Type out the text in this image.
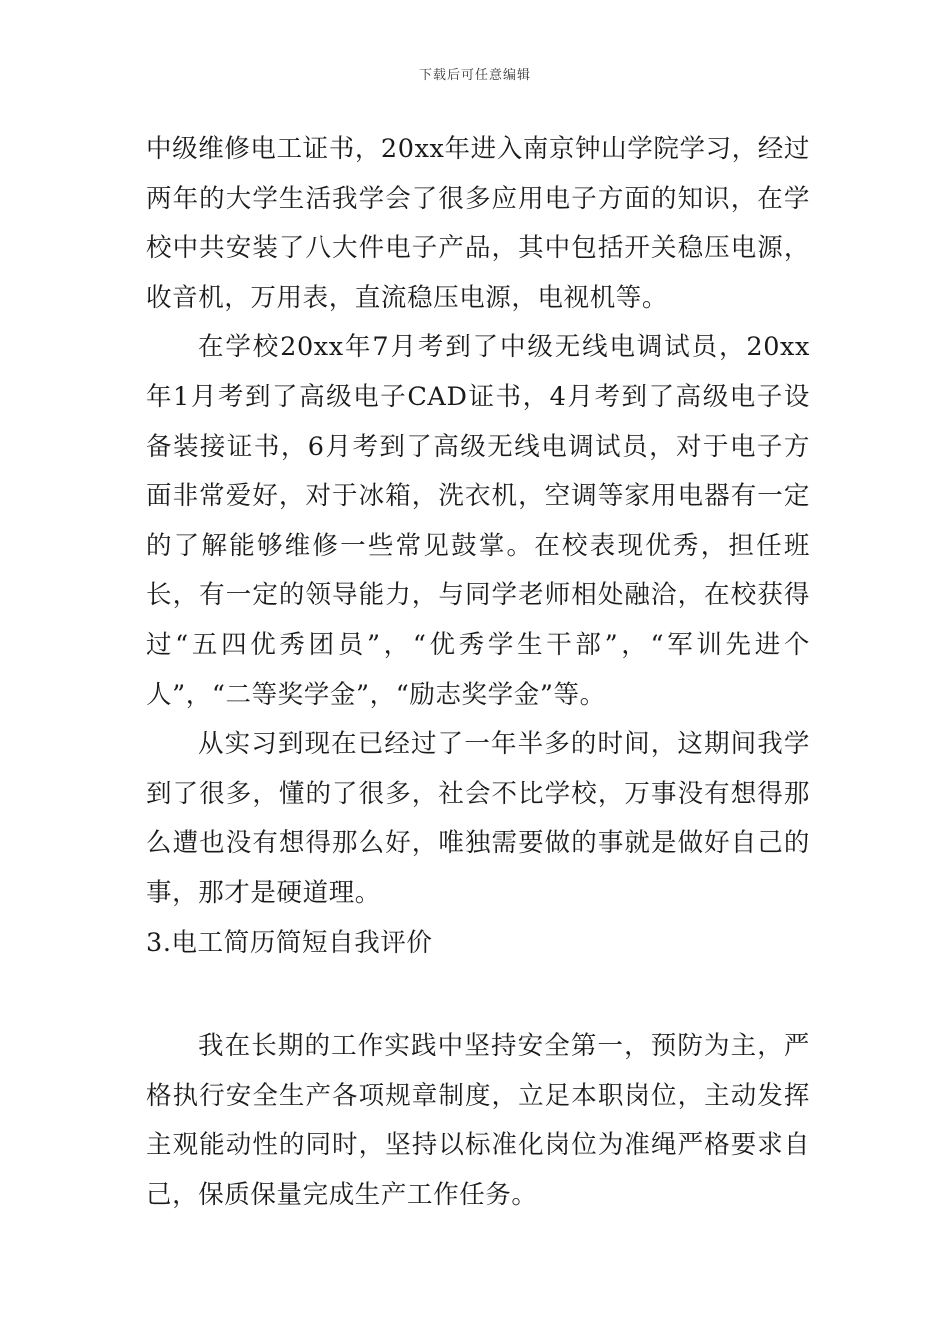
下载后可任意编辑

中级维修电工证书，20xx年进入南京钟山学院学习，经过两年的大学生活我学会了很多应用电子方面的知识，在学校中共安装了八大件电子产品，其中包括开关稳压电源，收音机，万用表，直流稳压电源，电视机等。

在学校20xx年7月考到了中级无线电调试员，20xx年1月考到了高级电子CAD证书，4月考到了高级电子设备装接证书，6月考到了高级无线电调试员，对于电子方面非常爱好，对于冰箱，洗衣机，空调等家用电器有一定的了解能够维修一些常见鼓掌。在校表现优秀，担任班长，有一定的领导能力，与同学老师相处融洽，在校获得过“五四优秀团员”，“优秀学生干部”，“军训先进个人”，“二等奖学金”，“励志奖学金”等。

从实习到现在已经过了一年半多的时间，这期间我学到了很多，懂的了很多，社会不比学校，万事没有想得那么遭也没有想得那么好，唯独需要做的事就是做好自己的事，那才是硬道理。

3.电工简历简短自我评价

我在长期的工作实践中坚持安全第一，预防为主，严格执行安全生产各项规章制度，立足本职岗位，主动发挥主观能动性的同时，坚持以标准化岗位为准绳严格要求自己，保质保量完成生产工作任务。
